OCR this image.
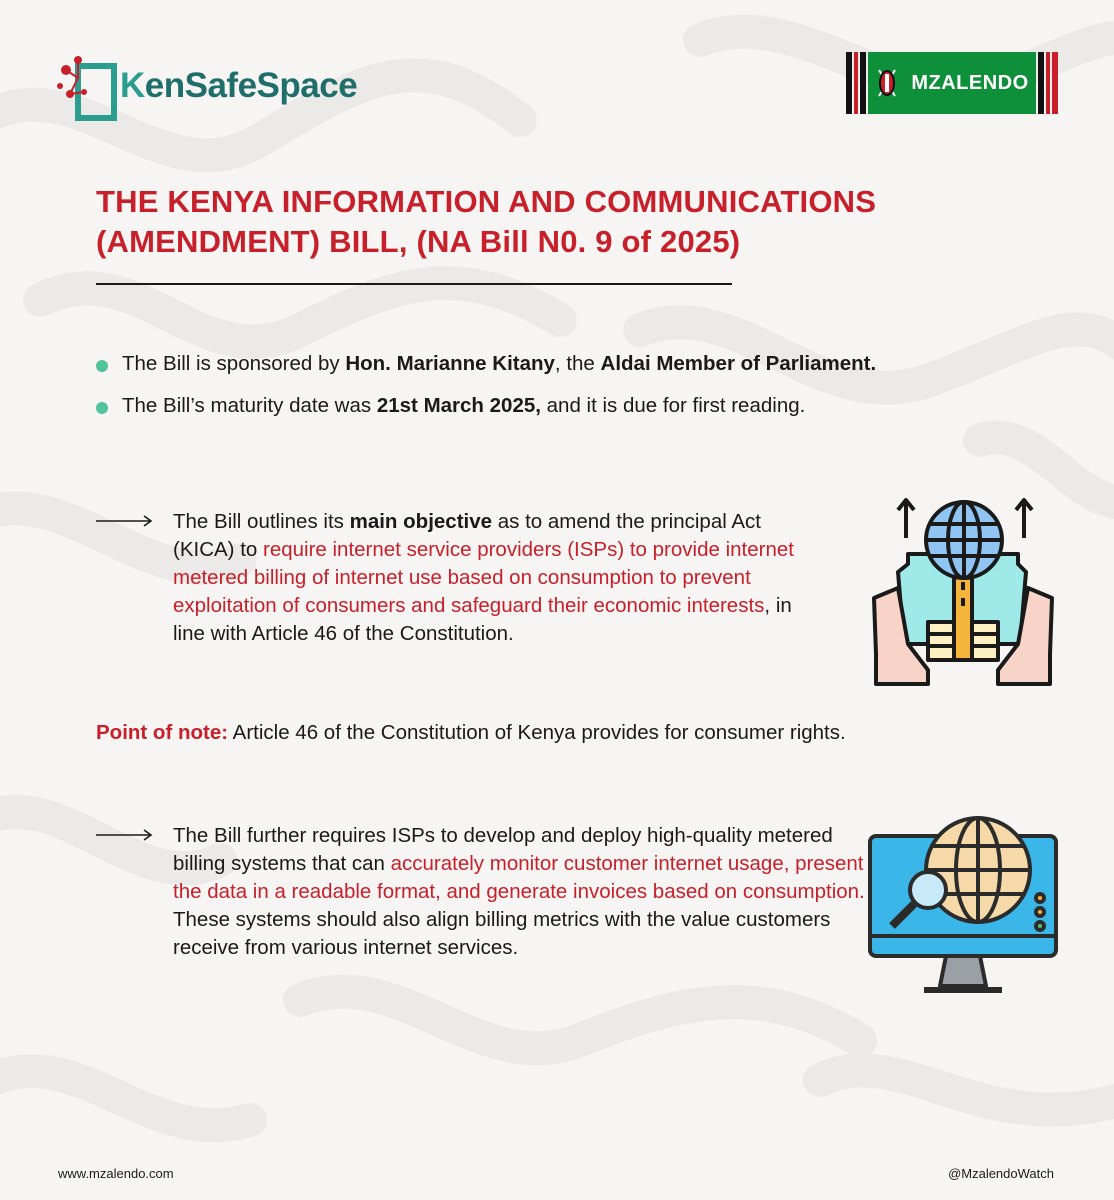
KenSafeSpace	MZALENDO
THE KENYA INFORMATION AND COMMUNICATIONS
(AMENDMENT) BILL, (NA Bill N0. 9 of 2025)
The Bill is sponsored by Hon. Marianne Kitany, the Aldai Member of Parliament.
The Bill’s maturity date was 21st March 2025, and it is due for first reading.
The Bill outlines its main objective as to amend the principal Act (KICA) to require internet service providers (ISPs) to provide internet metered billing of internet use based on consumption to prevent exploitation of consumers and safeguard their economic interests, in line with Article 46 of the Constitution.
Point of note: Article 46 of the Constitution of Kenya provides for consumer rights.
The Bill further requires ISPs to develop and deploy high-quality metered billing systems that can accurately monitor customer internet usage, present the data in a readable format, and generate invoices based on consumption. These systems should also align billing metrics with the value customers receive from various internet services.
www.mzalendo.com	@MzalendoWatch
